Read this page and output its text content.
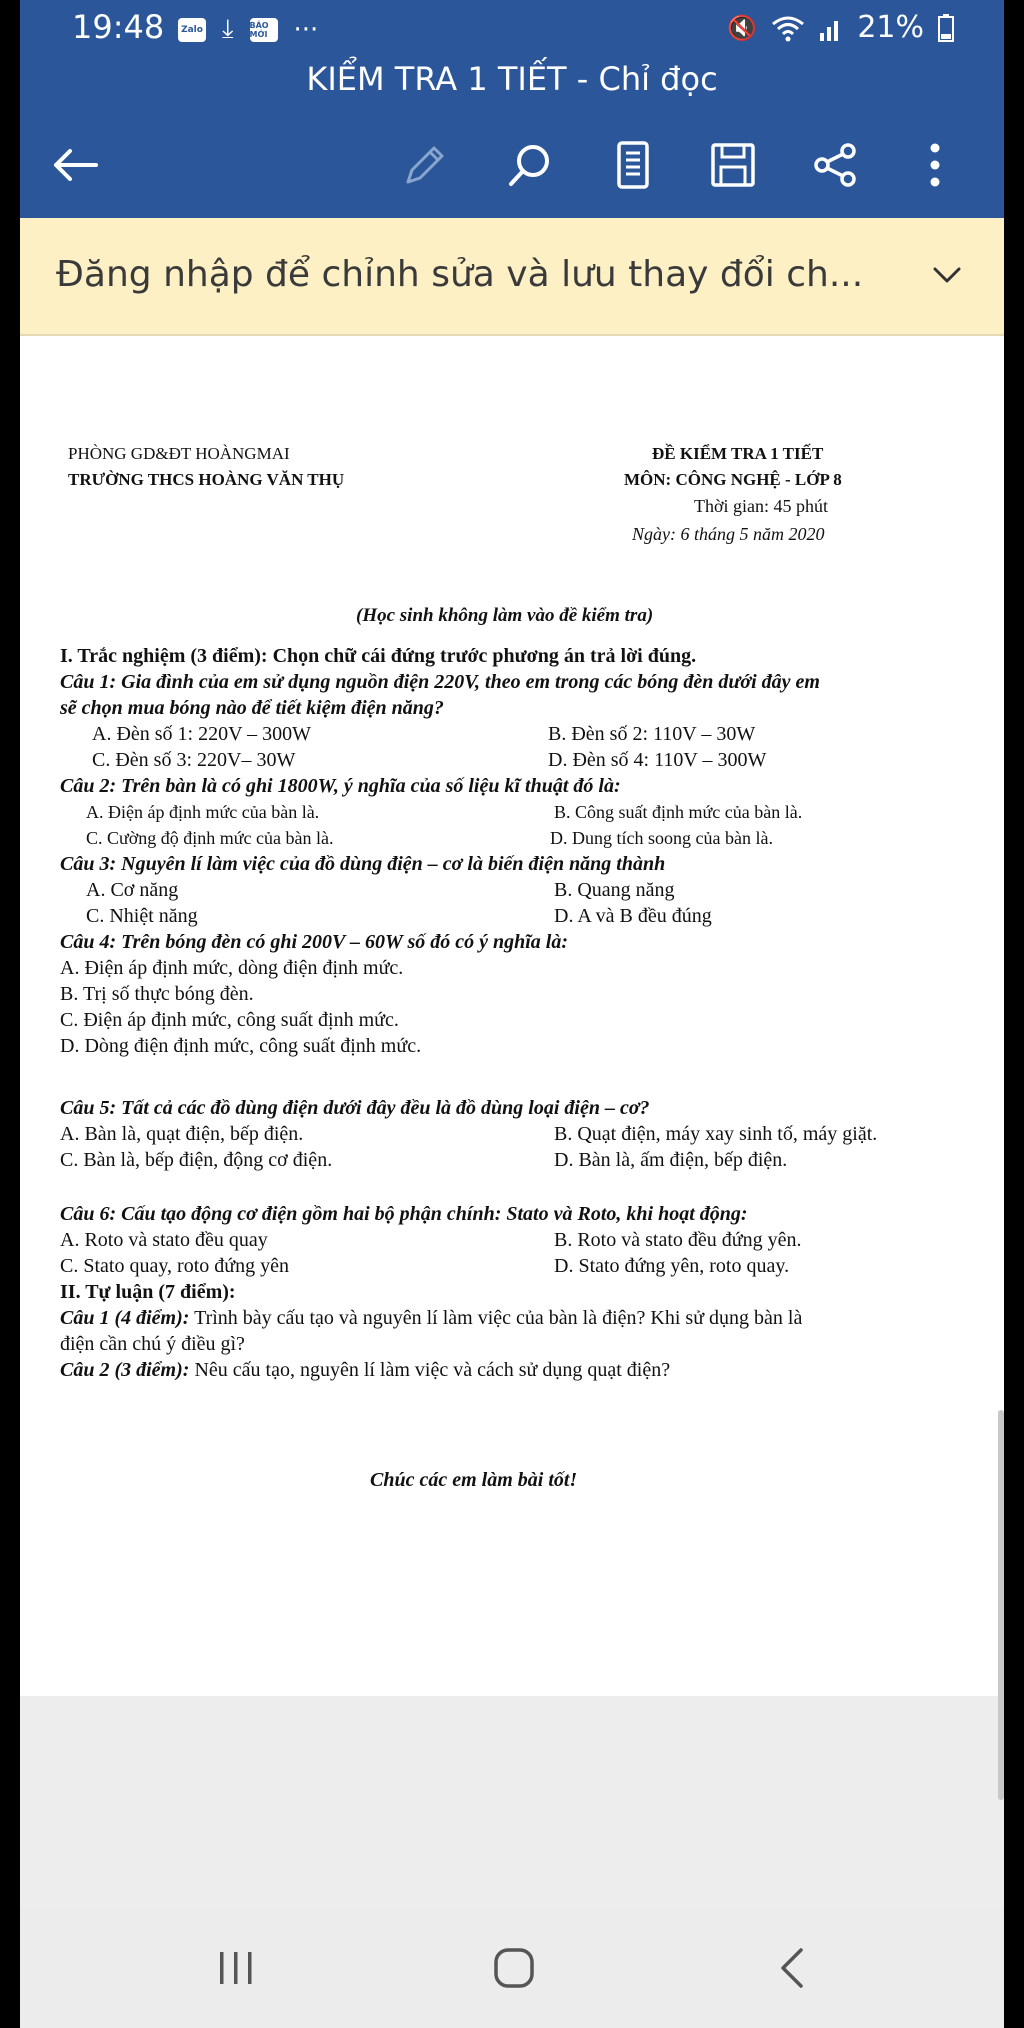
19:48	Zalo ⤓ BÁO MỚI	···	🔇	21%
KIỂM TRA 1 TIẾT - Chỉ đọc
Đăng nhập để chỉnh sửa và lưu thay đổi ch...
PHÒNG GD&ĐT HOÀNGMAI
TRƯỜNG THCS HOÀNG VĂN THỤ
ĐỀ KIỂM TRA 1 TIẾT
MÔN: CÔNG NGHỆ - LỚP 8
Thời gian: 45 phút
Ngày: 6 tháng 5 năm 2020
(Học sinh không làm vào đề kiểm tra)
I. Trắc nghiệm (3 điểm): Chọn chữ cái đứng trước phương án trả lời đúng.
Câu 1: Gia đình của em sử dụng nguồn điện 220V, theo em trong các bóng đèn dưới đây em
sẽ chọn mua bóng nào để tiết kiệm điện năng?
A. Đèn số 1: 220V – 300W	B. Đèn số 2: 110V – 30W
C. Đèn số 3: 220V– 30W	D. Đèn số 4: 110V – 300W
Câu 2: Trên bàn là có ghi 1800W, ý nghĩa của số liệu kĩ thuật đó là:
A. Điện áp định mức của bàn là.	B. Công suất định mức của bàn là.
C. Cường độ định mức của bàn là.	D. Dung tích soong của bàn là.
Câu 3: Nguyên lí làm việc của đồ dùng điện – cơ là biến điện năng thành
A. Cơ năng	B. Quang năng
C. Nhiệt năng	D. A và B đều đúng
Câu 4: Trên bóng đèn có ghi 200V – 60W số đó có ý nghĩa là:
A. Điện áp định mức, dòng điện định mức.
B. Trị số thực bóng đèn.
C. Điện áp định mức, công suất định mức.
D. Dòng điện định mức, công suất định mức.
Câu 5: Tất cả các đồ dùng điện dưới đây đều là đồ dùng loại điện – cơ?
A. Bàn là, quạt điện, bếp điện.	B. Quạt điện, máy xay sinh tố, máy giặt.
C. Bàn là, bếp điện, động cơ điện.	D. Bàn là, ấm điện, bếp điện.
Câu 6: Cấu tạo động cơ điện gồm hai bộ phận chính: Stato và Roto, khi hoạt động:
A. Roto và stato đều quay	B. Roto và stato đều đứng yên.
C. Stato quay, roto đứng yên	D. Stato đứng yên, roto quay.
II. Tự luận (7 điểm):
Câu 1 (4 điểm): Trình bày cấu tạo và nguyên lí làm việc của bàn là điện? Khi sử dụng bàn là
điện cần chú ý điều gì?
Câu 2 (3 điểm): Nêu cấu tạo, nguyên lí làm việc và cách sử dụng quạt điện?
Chúc các em làm bài tốt!
